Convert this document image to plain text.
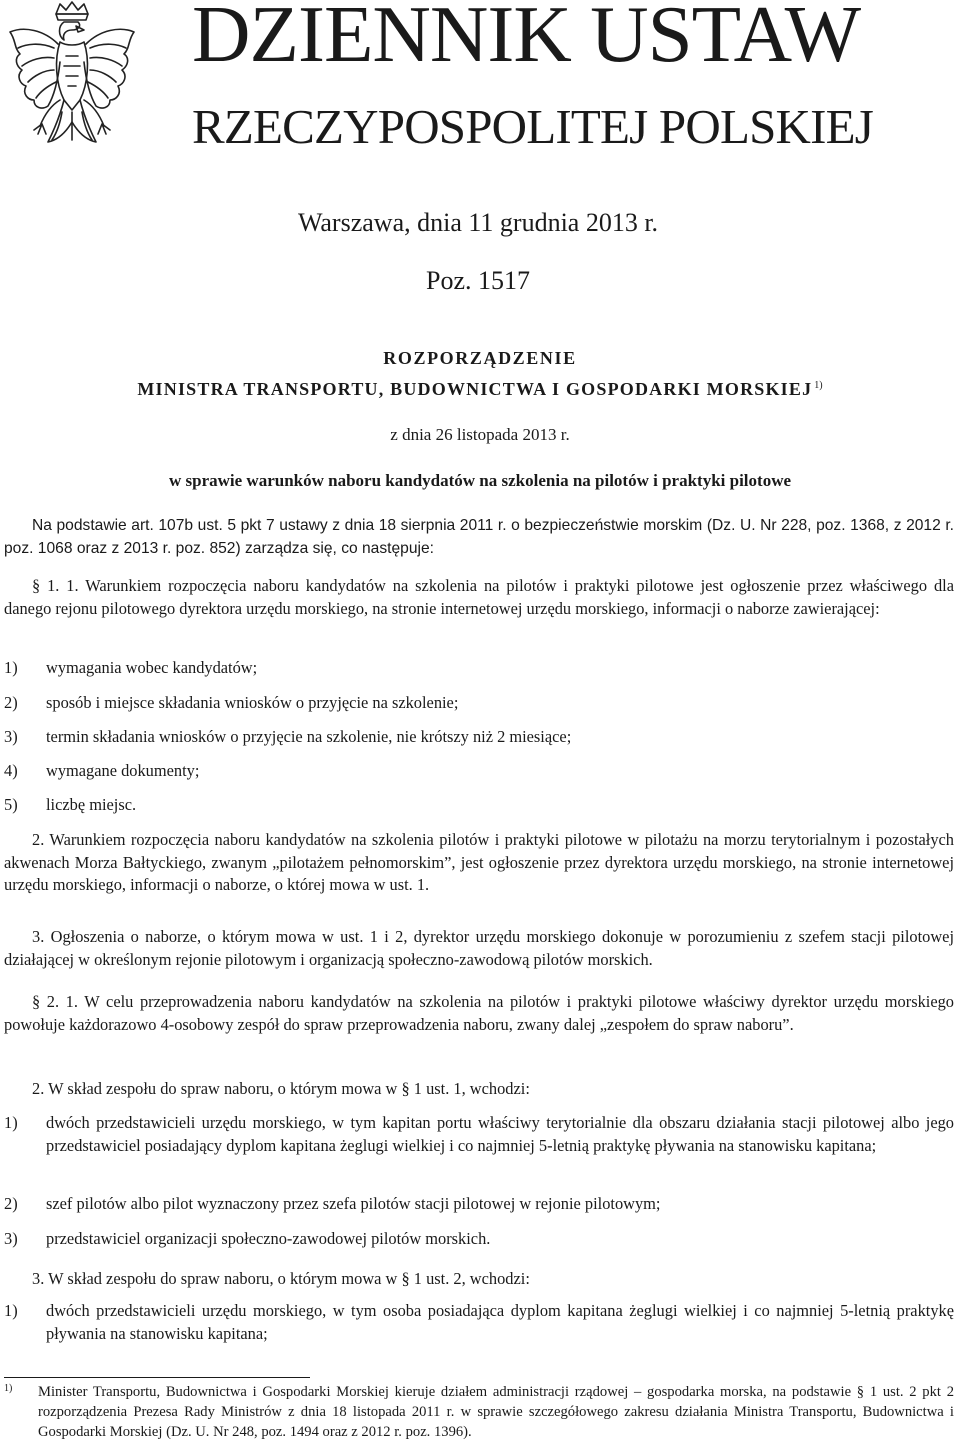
DZIENNIK USTAW
RZECZYPOSPOLITEJ POLSKIEJ

Warszawa, dnia 11 grudnia 2013 r.

Poz. 1517

ROZPORZĄDZENIE

MINISTRA TRANSPORTU, BUDOWNICTWA I GOSPODARKI MORSKIEJ $^{1)}$

z dnia 26 listopada 2013 r.

w sprawie warunków naboru kandydatów na szkolenia na pilotów i praktyki pilotowe

Na podstawie art. 107b ust. 5 pkt 7 ustawy z dnia 18 sierpnia 2011 r. o bezpieczeństwie morskim (Dz. U. Nr 228, poz. 1368, z 2012 r. poz. 1068 oraz z 2013 r. poz. 852) zarządza się, co następuje:

§ 1. 1. Warunkiem rozpoczęcia naboru kandydatów na szkolenia na pilotów i praktyki pilotowe jest ogłoszenie przez właściwego dla danego rejonu pilotowego dyrektora urzędu morskiego, na stronie internetowej urzędu morskiego, informacji o naborze zawierającej:

1) wymagania wobec kandydatów;
2) sposób i miejsce składania wniosków o przyjęcie na szkolenie;
3) termin składania wniosków o przyjęcie na szkolenie, nie krótszy niż 2 miesiące;
4) wymagane dokumenty;
5) liczbę miejsc.

2. Warunkiem rozpoczęcia naboru kandydatów na szkolenia pilotów i praktyki pilotowe w pilotażu na morzu terytorialnym i pozostałych akwenach Morza Bałtyckiego, zwanym „pilotażem pełnomorskim”, jest ogłoszenie przez dyrektora urzędu morskiego, na stronie internetowej urzędu morskiego, informacji o naborze, o której mowa w ust. 1.

3. Ogłoszenia o naborze, o którym mowa w ust. 1 i 2, dyrektor urzędu morskiego dokonuje w porozumieniu z szefem stacji pilotowej działającej w określonym rejonie pilotowym i organizacją społeczno-zawodową pilotów morskich.

§ 2. 1. W celu przeprowadzenia naboru kandydatów na szkolenia na pilotów i praktyki pilotowe właściwy dyrektor urzędu morskiego powołuje każdorazowo 4-osobowy zespół do spraw przeprowadzenia naboru, zwany dalej „zespołem do spraw naboru”.

2. W skład zespołu do spraw naboru, o którym mowa w § 1 ust. 1, wchodzi:

1) dwóch przedstawicieli urzędu morskiego, w tym kapitan portu właściwy terytorialnie dla obszaru działania stacji pilotowej albo jego przedstawiciel posiadający dyplom kapitana żeglugi wielkiej i co najmniej 5-letnią praktykę pływania na stanowisku kapitana;
2) szef pilotów albo pilot wyznaczony przez szefa pilotów stacji pilotowej w rejonie pilotowym;
3) przedstawiciel organizacji społeczno-zawodowej pilotów morskich.

3. W skład zespołu do spraw naboru, o którym mowa w § 1 ust. 2, wchodzi:

1) dwóch przedstawicieli urzędu morskiego, w tym osoba posiadająca dyplom kapitana żeglugi wielkiej i co najmniej 5-letnią praktykę pływania na stanowisku kapitana;
1) Minister Transportu, Budownictwa i Gospodarki Morskiej kieruje działem administracji rządowej – gospodarka morska, na podstawie § 1 ust. 2 pkt 2 rozporządzenia Prezesa Rady Ministrów z dnia 18 listopada 2011 r. w sprawie szczegółowego zakresu działania Ministra Transportu, Budownictwa i Gospodarki Morskiej (Dz. U. Nr 248, poz. 1494 oraz z 2012 r. poz. 1396).
